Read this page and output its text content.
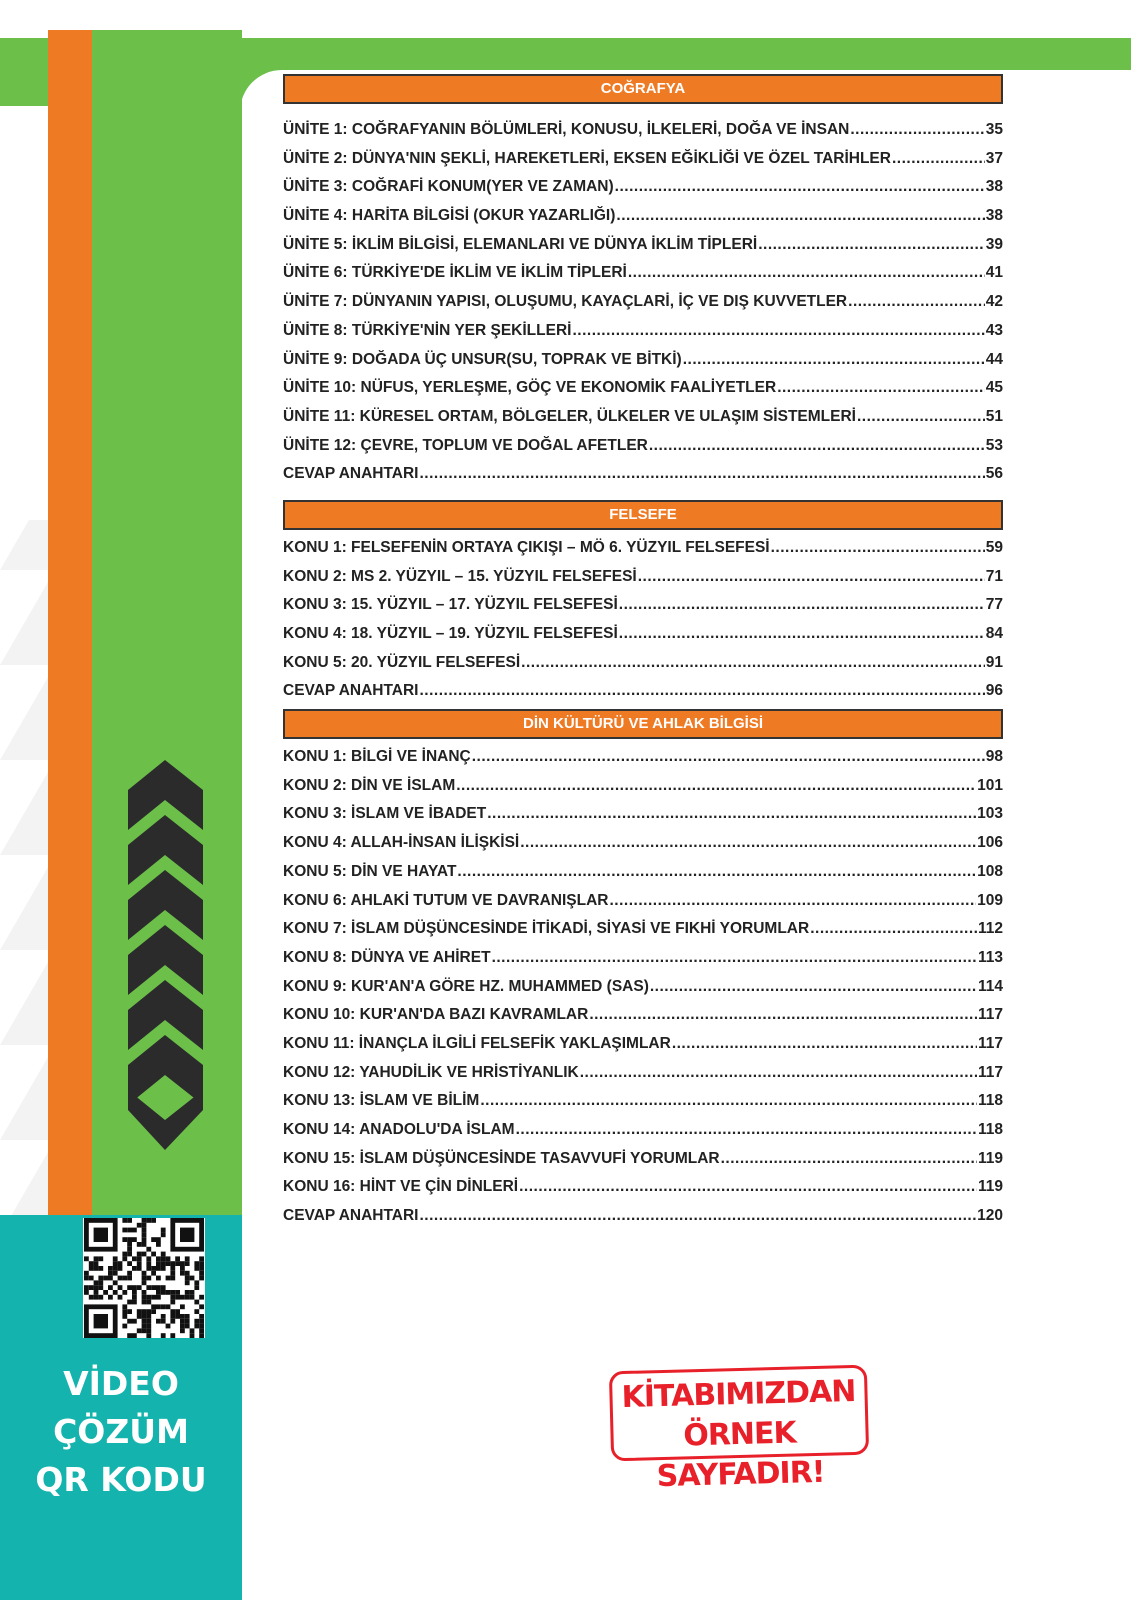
VİDEO
ÇÖZÜM
QR KODU
COĞRAFYA
ÜNİTE 1: COĞRAFYANIN BÖLÜMLERİ, KONUSU, İLKELERİ, DOĞA VE İNSAN .....	35
ÜNİTE 2: DÜNYA'NIN ŞEKLİ, HAREKETLERİ, EKSEN EĞİKLİĞİ VE ÖZEL TARİHLER .....	37
ÜNİTE 3: COĞRAFİ KONUM(YER VE ZAMAN) .....	38
ÜNİTE 4: HARİTA BİLGİSİ (OKUR YAZARLIĞI) .....	38
ÜNİTE 5: İKLİM BİLGİSİ, ELEMANLARI VE DÜNYA İKLİM TİPLERİ .....	39
ÜNİTE 6: TÜRKİYE'DE İKLİM VE İKLİM TİPLERİ .....	41
ÜNİTE 7: DÜNYANIN YAPISI, OLUŞUMU, KAYAÇLARİ, İÇ VE DIŞ KUVVETLER .....	42
ÜNİTE 8: TÜRKİYE'NİN YER ŞEKİLLERİ .....	43
ÜNİTE 9: DOĞADA ÜÇ UNSUR(SU, TOPRAK VE BİTKİ) .....	44
ÜNİTE 10: NÜFUS, YERLEŞME, GÖÇ VE EKONOMİK FAALİYETLER .....	45
ÜNİTE 11: KÜRESEL ORTAM, BÖLGELER, ÜLKELER VE ULAŞIM SİSTEMLERİ .....	51
ÜNİTE 12: ÇEVRE, TOPLUM VE DOĞAL AFETLER .....	53
CEVAP ANAHTARI .....	56
FELSEFE
KONU 1: FELSEFENİN ORTAYA ÇIKIŞI – MÖ 6. YÜZYIL FELSEFESİ .....	59
KONU 2: MS 2. YÜZYIL – 15. YÜZYIL FELSEFESİ .....	71
KONU 3: 15. YÜZYIL – 17. YÜZYIL FELSEFESİ .....	77
KONU 4: 18. YÜZYIL – 19. YÜZYIL FELSEFESİ .....	84
KONU 5: 20. YÜZYIL FELSEFESİ .....	91
CEVAP ANAHTARI .....	96
DİN KÜLTÜRÜ VE AHLAK BİLGİSİ
KONU 1: BİLGİ VE İNANÇ .....	98
KONU 2: DİN VE İSLAM .....	101
KONU 3: İSLAM VE İBADET .....	103
KONU 4: ALLAH-İNSAN İLİŞKİSİ .....	106
KONU 5: DİN VE HAYAT .....	108
KONU 6: AHLAKİ TUTUM VE DAVRANIŞLAR .....	109
KONU 7: İSLAM DÜŞÜNCESİNDE İTİKADİ, SİYASİ VE FIKHİ YORUMLAR .....	112
KONU 8: DÜNYA VE AHİRET .....	113
KONU 9: KUR'AN'A GÖRE HZ. MUHAMMED (SAS) .....	114
KONU 10: KUR'AN'DA BAZI KAVRAMLAR .....	117
KONU 11: İNANÇLA İLGİLİ FELSEFİK YAKLAŞIMLAR .....	117
KONU 12: YAHUDİLİK VE HRİSTİYANLIK .....	117
KONU 13: İSLAM VE BİLİM .....	118
KONU 14: ANADOLU'DA İSLAM .....	118
KONU 15: İSLAM DÜŞÜNCESİNDE TASAVVUFİ YORUMLAR .....	119
KONU 16: HİNT VE ÇİN DİNLERİ .....	119
CEVAP ANAHTARI .....	120
KİTABIMIZDAN
ÖRNEK SAYFADIR!
